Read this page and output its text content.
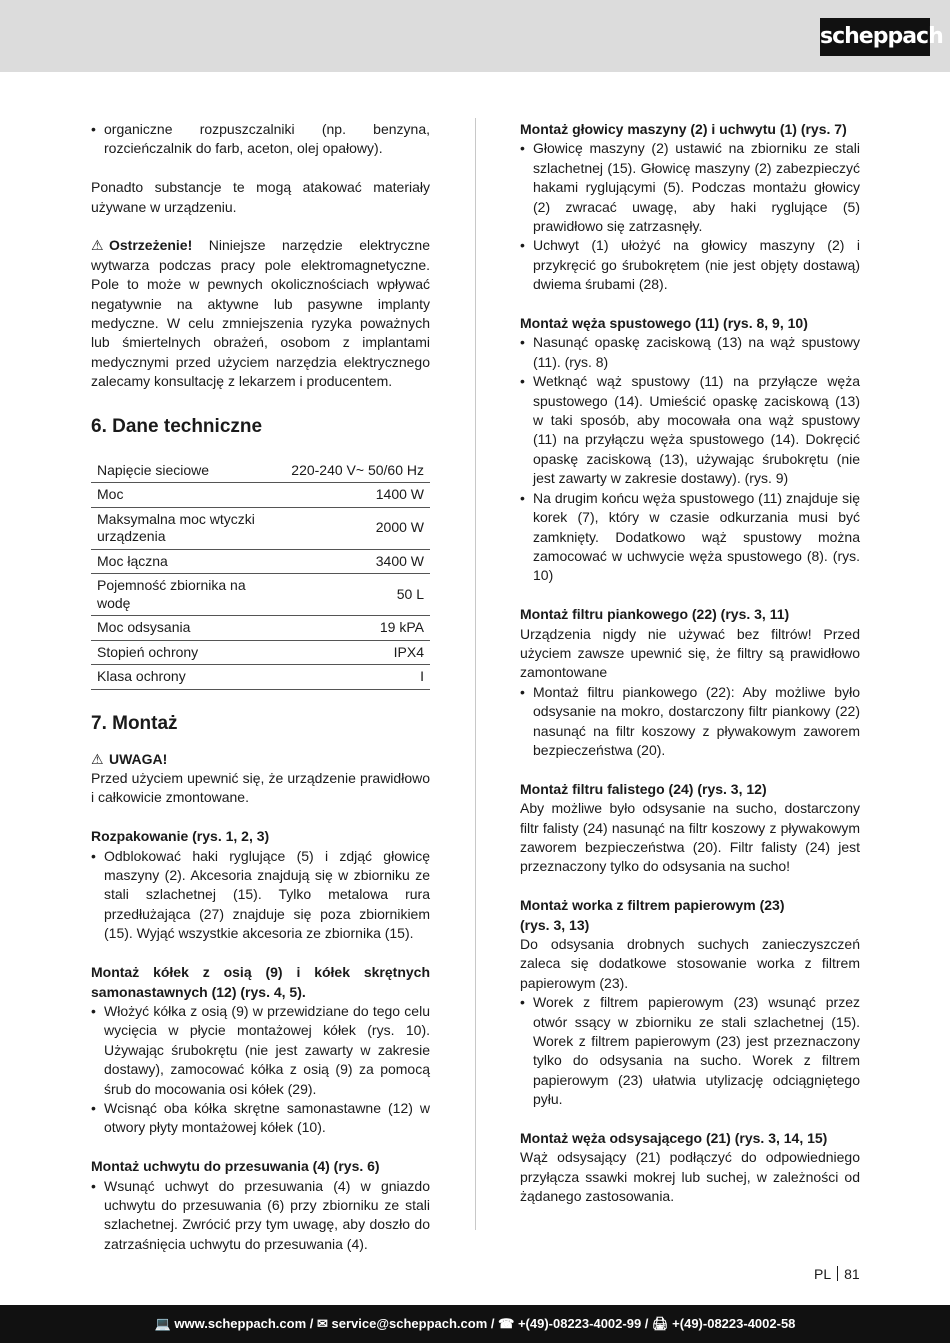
scheppach
• organiczne rozpuszczalniki (np. benzyna, rozcieńczalnik do farb, aceton, olej opałowy).

Ponadto substancje te mogą atakować materiały używane w urządzeniu.

⚠ Ostrzeżenie! Niniejsze narzędzie elektryczne wytwarza podczas pracy pole elektromagnetyczne. Pole to może w pewnych okolicznościach wpływać negatywnie na aktywne lub pasywne implanty medyczne. W celu zmniejszenia ryzyka poważnych lub śmiertelnych obrażeń, osobom z implantami medycznymi przed użyciem narzędzia elektrycznego zalecamy konsultację z lekarzem i producentem.

6. Dane techniczne
Napięcie sieciowe	220-240 V~ 50/60 Hz
Moc	1400 W
Maksymalna moc wtyczki urządzenia	2000 W
Moc łączna	3400 W
Pojemność zbiornika na wodę	50 L
Moc odsysania	19 kPA
Stopień ochrony	IPX4
Klasa ochrony	I
7. Montaż

⚠ UWAGA!

Przed użyciem upewnić się, że urządzenie prawidłowo i całkowicie zmontowane.

Rozpakowanie (rys. 1, 2, 3)

• Odblokować haki ryglujące (5) i zdjąć głowicę maszyny (2). Akcesoria znajdują się w zbiorniku ze stali szlachetnej (15). Tylko metalowa rura przedłużająca (27) znajduje się poza zbiornikiem (15). Wyjąć wszystkie akcesoria ze zbiornika (15).

Montaż kółek z osią (9) i kółek skrętnych samonastawnych (12) (rys. 4, 5).

• Włożyć kółka z osią (9) w przewidziane do tego celu wycięcia w płycie montażowej kółek (rys. 10). Używając śrubokrętu (nie jest zawarty w zakresie dostawy), zamocować kółka z osią (9) za pomocą śrub do mocowania osi kółek (29).
• Wcisnąć oba kółka skrętne samonastawne (12) w otwory płyty montażowej kółek (10).

Montaż uchwytu do przesuwania (4) (rys. 6)

• Wsunąć uchwyt do przesuwania (4) w gniazdo uchwytu do przesuwania (6) przy zbiorniku ze stali szlachetnej. Zwrócić przy tym uwagę, aby doszło do zatrzaśnięcia uchwytu do przesuwania (4).

Montaż głowicy maszyny (2) i uchwytu (1) (rys. 7)

• Głowicę maszyny (2) ustawić na zbiorniku ze stali szlachetnej (15). Głowicę maszyny (2) zabezpieczyć hakami ryglującymi (5). Podczas montażu głowicy (2) zwracać uwagę, aby haki ryglujące (5) prawidłowo się zatrzasnęły.
• Uchwyt (1) ułożyć na głowicy maszyny (2) i przykręcić go śrubokrętem (nie jest objęty dostawą) dwiema śrubami (28).

Montaż węża spustowego (11) (rys. 8, 9, 10)

• Nasunąć opaskę zaciskową (13) na wąż spustowy (11). (rys. 8)
• Wetknąć wąż spustowy (11) na przyłącze węża spustowego (14). Umieścić opaskę zaciskową (13) w taki sposób, aby mocowała ona wąż spustowy (11) na przyłączu węża spustowego (14). Dokręcić opaskę zaciskową (13), używając śrubokrętu (nie jest zawarty w zakresie dostawy). (rys. 9)
• Na drugim końcu węża spustowego (11) znajduje się korek (7), który w czasie odkurzania musi być zamknięty. Dodatkowo wąż spustowy można zamocować w uchwycie węża spustowego (8). (rys. 10)

Montaż filtru piankowego (22) (rys. 3, 11)

Urządzenia nigdy nie używać bez filtrów! Przed użyciem zawsze upewnić się, że filtry są prawidłowo zamontowane

• Montaż filtru piankowego (22): Aby możliwe było odsysanie na mokro, dostarczony filtr piankowy (22) nasunąć na filtr koszowy z pływakowym zaworem bezpieczeństwa (20).

Montaż filtru falistego (24) (rys. 3, 12)

Aby możliwe było odsysanie na sucho, dostarczony filtr falisty (24) nasunąć na filtr koszowy z pływakowym zaworem bezpieczeństwa (20). Filtr falisty (24) jest przeznaczony tylko do odsysania na sucho!

Montaż worka z filtrem papierowym (23)

(rys. 3, 13)

Do odsysania drobnych suchych zanieczyszczeń zaleca się dodatkowe stosowanie worka z filtrem papierowym (23).

• Worek z filtrem papierowym (23) wsunąć przez otwór ssący w zbiorniku ze stali szlachetnej (15). Worek z filtrem papierowym (23) jest przeznaczony tylko do odsysania na sucho. Worek z filtrem papierowym (23) ułatwia utylizację odciągniętego pyłu.

Montaż węża odsysającego (21) (rys. 3, 14, 15)

Wąż odsysający (21) podłączyć do odpowiedniego przyłącza ssawki mokrej lub suchej, w zależności od żądanego zastosowania.

PL 81
💻 www.scheppach.com / ✉ service@scheppach.com / ☎ +(49)-08223-4002-99 / 🖨 +(49)-08223-4002-58
